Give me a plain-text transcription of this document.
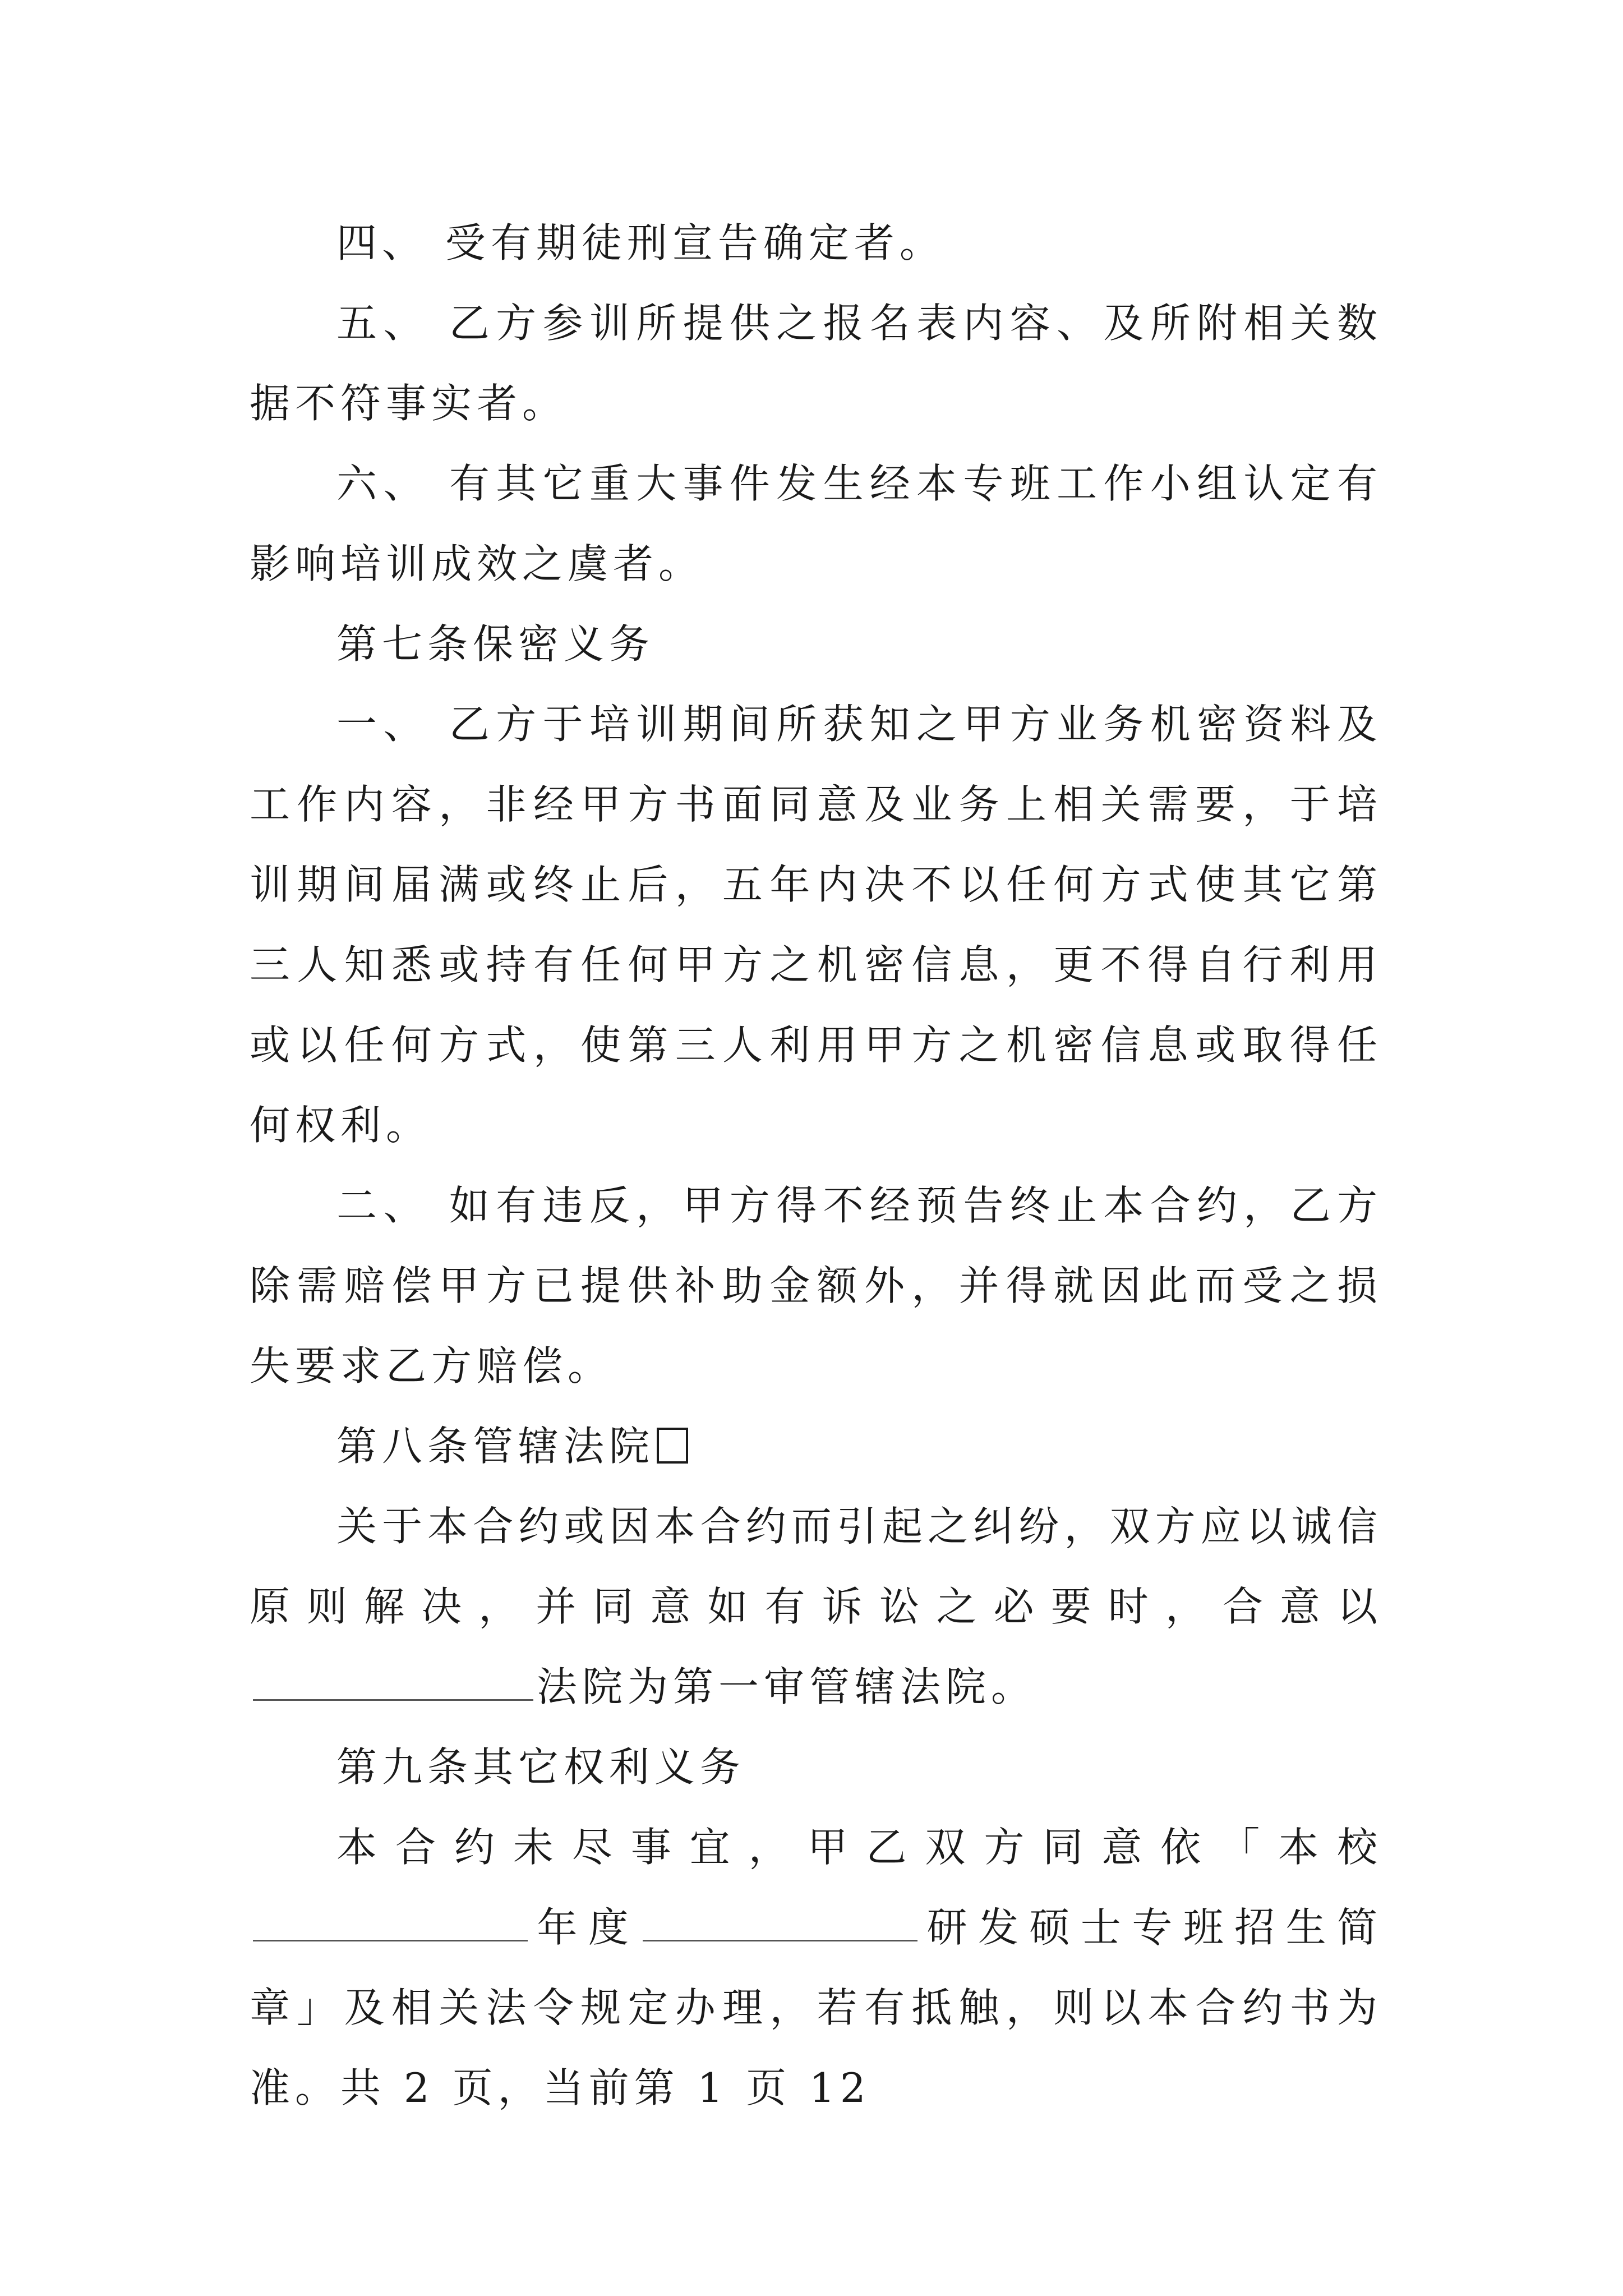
四、 受有期徒刑宣告确定者。

五、 乙方参训所提供之报名表内容、及所附相关数据不符事实者。

六、 有其它重大事件发生经本专班工作小组认定有影响培训成效之虞者。

第七条保密义务

一、 乙方于培训期间所获知之甲方业务机密资料及工作内容，非经甲方书面同意及业务上相关需要，于培训期间届满或终止后，五年内决不以任何方式使其它第三人知悉或持有任何甲方之机密信息，更不得自行利用或以任何方式，使第三人利用甲方之机密信息或取得任何权利。

二、 如有违反，甲方得不经预告终止本合约，乙方除需赔偿甲方已提供补助金额外，并得就因此而受之损失要求乙方赔偿。

第八条管辖法院

关于本合约或因本合约而引起之纠纷，双方应以诚信原则解决，并同意如有诉讼之必要时，合意以法院为第一审管辖法院。

第九条其它权利义务

本合约未尽事宜，甲乙双方同意依「本校年度	研发硕士专班招生简章」及相关法令规定办理，若有抵触，则以本合约书为准。共 2 页，当前第 1 页 12
